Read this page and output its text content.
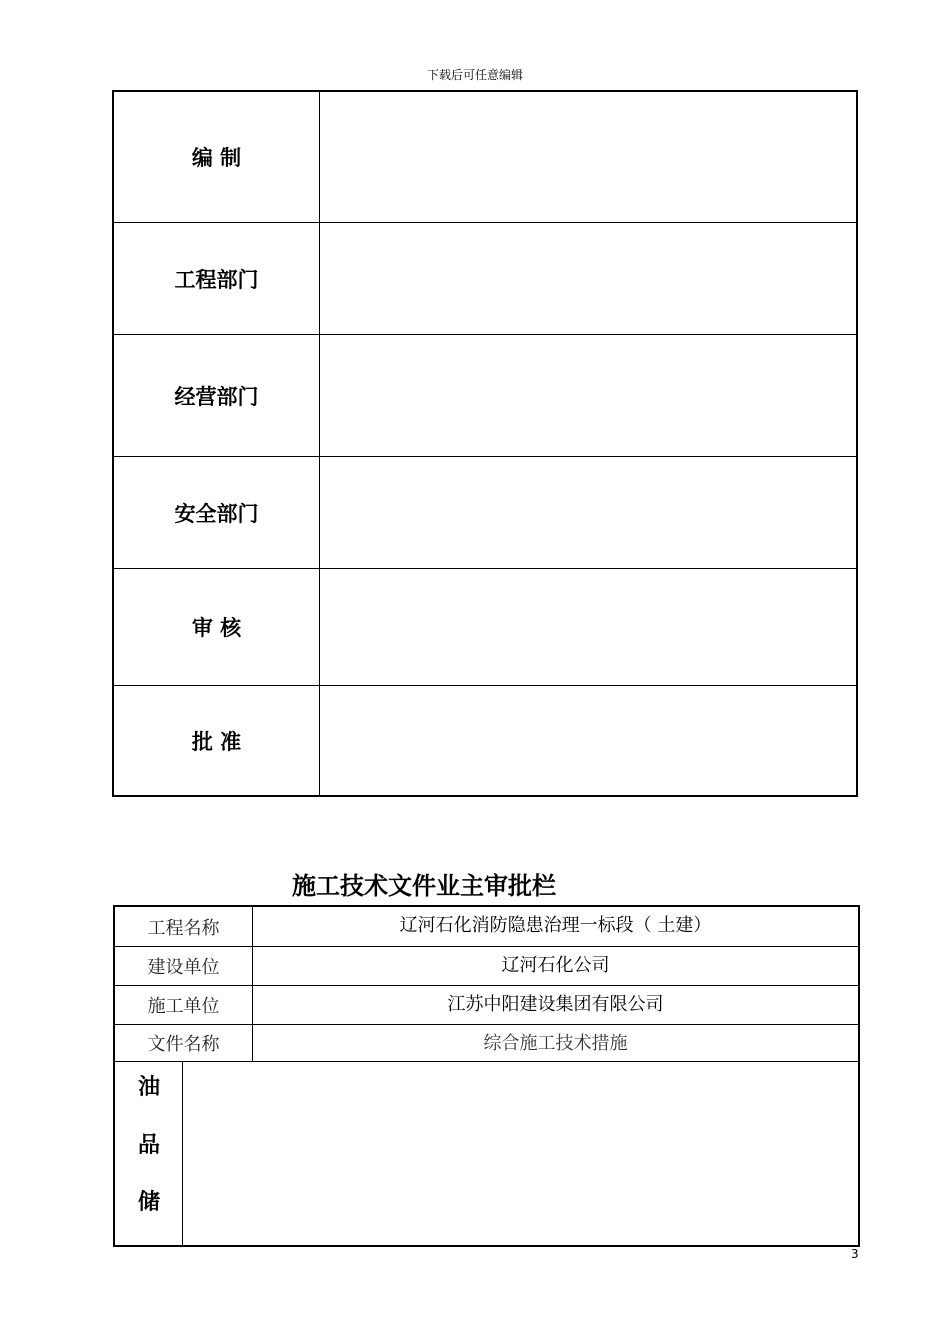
下载后可任意编辑
编 制
工程部门
经营部门
安全部门
审 核
批 准
施工技术文件业主审批栏
工程名称	辽河石化消防隐患治理一标段（ 土建）
建设单位	辽河石化公司
施工单位	江苏中阳建设集团有限公司
文件名称	综合施工技术措施
油
品
储
3
